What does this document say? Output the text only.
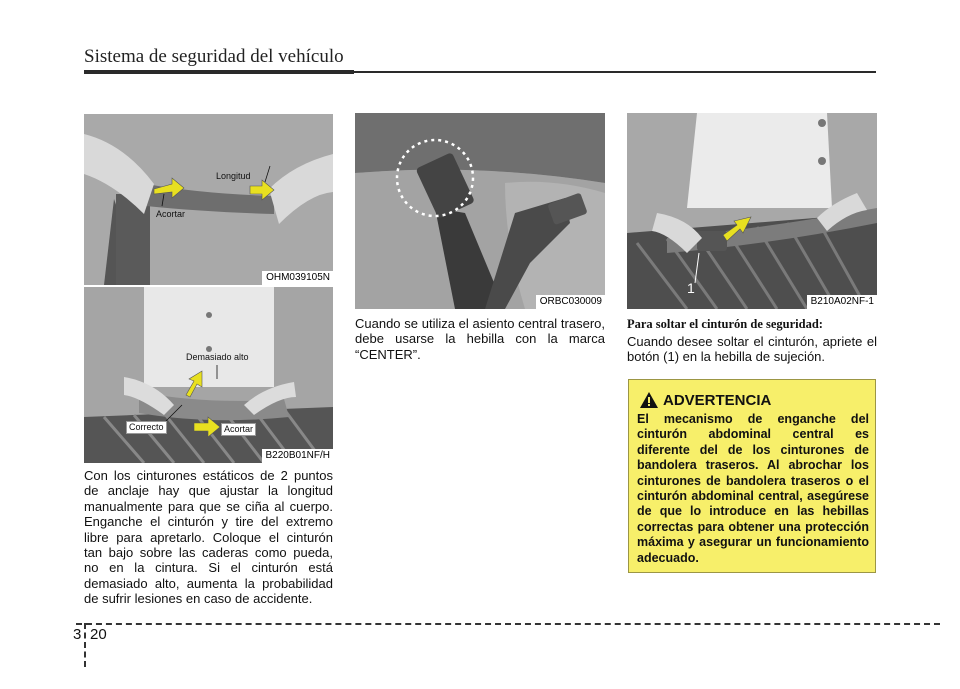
Sistema de seguridad del vehículo
Longitud
Acortar
OHM039105N
Demasiado alto
Correcto	Acortar
B220B01NF/H
ORBC030009
1
B210A02NF-1
Con los cinturones estáticos de 2 puntos de anclaje hay que ajustar la longitud manualmente para que se ciña al cuerpo. Enganche el cinturón y tire del extremo libre para apretarlo. Coloque el cinturón tan bajo sobre las caderas como pueda, no en la cintura. Si el cinturón está demasiado alto, aumenta la probabilidad de sufrir lesiones en caso de accidente.
Cuando se utiliza el asiento central trasero, debe usarse la hebilla con la marca “CENTER”.
Para soltar el cinturón de seguridad:
Cuando desee soltar el cinturón, apriete el botón (1) en la hebilla de sujeción.
ADVERTENCIA
El mecanismo de enganche del cinturón abdominal central es diferente del de los cinturones de bandolera traseros. Al abrochar los cinturones de bandolera traseros o el cinturón abdominal central, asegúrese de que lo introduce en las hebillas correctas para obtener una protección máxima y asegurar un funcionamiento adecuado.
3 20
